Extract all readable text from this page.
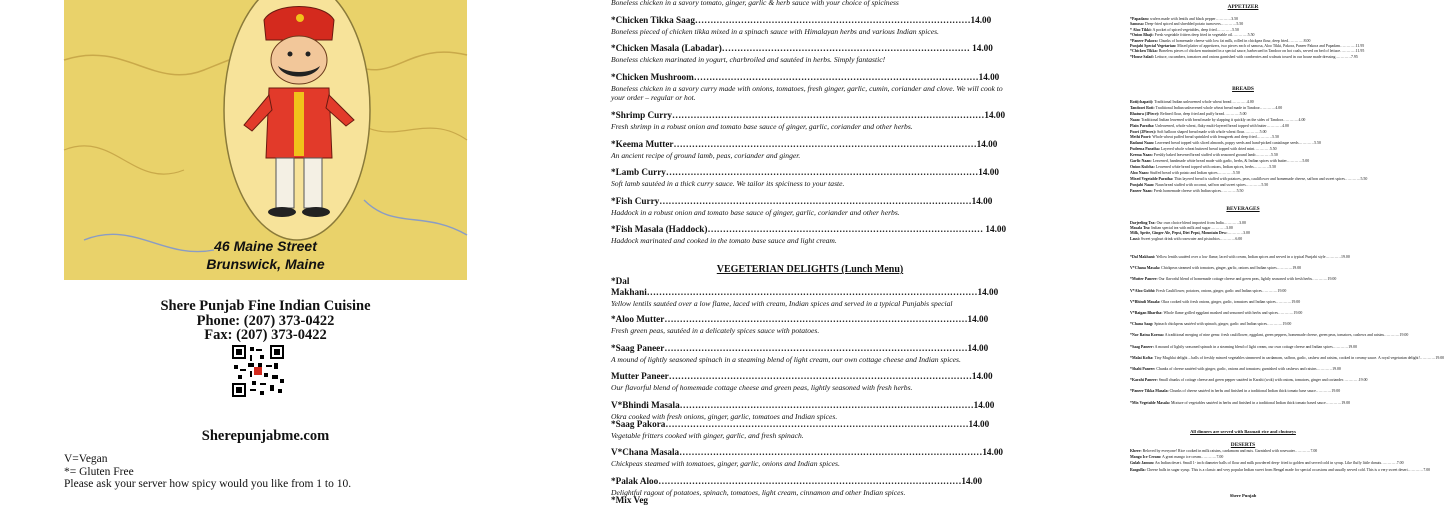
46 Maine Street
Brunswick, Maine
Shere Punjab Fine Indian Cuisine
Phone: (207) 373-0422
Fax: (207) 373-0422
Sherepunjabme.com
V=Vegan
*= Gluten Free
Please ask your server how spicy would you like from 1 to 10.
Boneless chicken in a savory tomato, ginger, garlic & herb sauce with your choice of spiciness
*Chicken Tikka Saag………………………………………………………………………………14.00
Boneless pieced of chicken tikka mixed in a spinach sauce with Himalayan herbs and various Indian spices.
*Chicken Masala (Labadar)……………………………………………………………………… 14.00
Boneless chicken marinated in yogurt, charbroiled and sautéed in herbs. Simply fantastic!
*Chicken Mushroom…………………………………………………………………………………14.00
Boneless chicken in a savory curry made with onions, tomatoes, fresh ginger, garlic, cumin, coriander and clove. We will cook to your order – regular or hot.
*Shrimp Curry…………………………………………………………………………………………14.00
Fresh shrimp in a robust onion and tomato base sauce of ginger, garlic, coriander and other herbs.
*Keema Mutter………………………………………………………………………………………14.00
An ancient recipe of ground lamb, peas, coriander and ginger.
*Lamb Curry…………………………………………………………………………………………14.00
Soft lamb sautéed in a thick curry sauce. We tailor its spiciness to your taste.
*Fish Curry…………………………………………………………………………………………14.00
Haddock in a robust onion and tomato base sauce of ginger, garlic, coriander and other herbs.
*Fish Masala (Haddock)……………………………………………………………………………… 14.00
Haddock marinated and cooked in the tomato base sauce and light cream.
VEGETERIAN DELIGHTS (Lunch Menu)
*Dal
Makhani………………………………………………………………………………………………14.00
Yellow lentils sautéed over a low flame, laced with cream, Indian spices and served in a typical Punjabis special
*Aloo Mutter………………………………………………………………………………………14.00
Fresh green peas, sautéed in a delicately spices sauce with potatoes.
*Saag Paneer………………………………………………………………………………………14.00
A mound of lightly seasoned spinach in a steaming blend of light cream, our own cottage cheese and Indian spices.
Mutter Paneer………………………………………………………………………………………14.00
Our flavorful blend of homemade cottage cheese and green peas, lightly seasoned with fresh herbs.
V*Bhindi Masala……………………………………………………………………………………14.00
Okra cooked with fresh onions, ginger, garlic, tomatoes and Indian spices.
*Saag Pakora………………………………………………………………………………………14.00
Vegetable fritters cooked with ginger, garlic, and fresh spinach.
V*Chana Masala………………………………………………………………………………………14.00
Chickpeas steamed with tomatoes, ginger, garlic, onions and Indian spices.
*Palak Aloo………………………………………………………………………………………14.00
Delightful ragout of potatoes, spinach, tomatoes, light cream, cinnamon and other Indian spices.
*Mix Veg
APPETIZER
*Papadam: wafers made with lentils and black pepper…………3.50
Samosa: Deep-fried spiced and shredded potato turnovers…………5.50
* Aloo Tikki: A pocket of spiced vegetables, deep fried…………5.50
*Onion Bhaji: Fresh vegetable fritters deep fried in vegetable oil…………5.50
*Paneer Pakora: Chunks of homemade cheese with low fat milk, rolled in chickpea flour, deep fried…………8.00
Punjabi Special Vegetarian: Mixed platter of appetizers, two pieces each of samosa, Aloo Tikki, Pakora, Paneer Pakora and Papadam…………11.95
*Chicken Tikka: Boneless pieces of chicken marinated in a special sauce, barbecued in Tandoor on hot coals, served on bed of lettuce…………11.95
*House Salad: Lettuce, cucumbers, tomatoes and onions garnished with cranberries and walnuts tossed in our house made dressing…………7.95
BREADS
Roti(chapati): Traditional Indian unleavened whole wheat bread…………4.00
Tandoori Roti: Traditional Indian unleavened whole wheat bread made in Tandoor…………4.00
Bhatura (1Piece): Refined flour, deep fried and puffy bread…………5.00
Naan: Traditional Indian leavened with bread made by slapping it quickly on the sides of Tandoor…………4.00
Plain Paratha: Unleavened, whole wheat, flaky multi-layered bread topped with butter…………4.00
Poori (2Pieces): Soft balloon shaped bread made with whole wheat flour…………5.00
Methi Poori: Whole wheat puffed bread sprinkled with fenugreek and deep fried…………5.50
Badami Naan: Leavened bread topped with sliced almonds, poppy seeds and hand-picked cantaloupe seeds…………5.50
Pudeena Paratha: Layered whole wheat buttered bread topped with dried mint…………5.50
Keema Naan: Freshly baked leavened bread stuffed with seasoned ground lamb…………5.50
Garlic Naan: Leavened, handmade white bread made with garlic, herbs, & Indian spices with butter…………5.00
Onion Kulcha: Leavened white bread topped with onions, Indian spices, herbs…………5.50
Aloo Naan: Stuffed bread with potato and Indian spices…………5.50
Mixed Vegetable Paratha: Thin layered bread is stuffed with potatoes, peas, cauliflower and homemade cheese, saffron and sweet spices…………5.50
Punjabi Naan: Naan bread stuffed with coconut, saffron and sweet spices…………5.50
Paneer Naan: Fresh homemade cheese with Indian spices…………5.50
BEVERAGES
Darjeeling Tea: Our own choice blend imported from India…………3.00
Masala Tea: Indian special tea with milk and sugar…………3.00
Milk, Sprite, Ginger Ale, Pepsi, Diet Pepsi, Mountain Dew:…………3.00
Lassi: Sweet yoghurt drink with rosewater and pistachios…………6.00
*Dal Makhani: Yellow lentils sautéed over a low flame, laced with cream, Indian spices and served in a typical Punjabi style…………19.00
V*Chana Masala: Chickpeas steamed with tomatoes, ginger, garlic, onions and Indian spices…………19.00
*Mutter Paneer: Our flavorful blend of homemade cottage cheese and green peas, lightly seasoned with fresh herbs…………19.00
V*Aloo Gobhi: Fresh Cauliflower, potatoes, onions, ginger, garlic and Indian spices…………19.00
V*Bhindi Masala: Okra cooked with fresh onions, ginger, garlic, tomatoes and Indian spices…………19.00
V*Baigan Bhartha: Whole flame grilled eggplant mashed and seasoned with herbs and spices…………19.00
*Chana Saag: Spinach chickpeas sautéed with spinach, ginger, garlic and Indian spices…………19.00
*Nav Ratna Korma: A traditional merging of nine gems: fresh cauliflower, eggplant, green peppers, homemade cheese, green peas, tomatoes, cashews and raisins…………19.00
*Saag Paneer: A mound of lightly seasoned spinach in a steaming blend of light cream, our own cottage cheese and Indian spices…………19.00
*Malai Kofta: Tiny Mughlai delight – balls of freshly minced vegetables simmered in cardamom, saffron, garlic, cashew and raisins, cooked in creamy sauce. A royal vegetarian delight!…………19.00
*Shahi Paneer: Chunks of cheese sautéed with ginger, garlic, onions and tomatoes; garnished with cashews and raisins…………19.00
*Karahi Paneer: Small chunks of cottage cheese and green pepper sautéed in Karahi (wok) with onions, tomatoes, ginger and coriander…………19.00
*Paneer Tikka Masala: Chunks of cheese sautéed in herbs and finished in a traditional Indian thick tomato base sauce…………19.00
*Mix Vegetable Masala: Mixture of vegetables sautéed in herbs and finished in a traditional Indian thick tomato based sauce…………19.00
All dinners are served with Basmati rice and chutneys
DESERTS
Kheer: Beloved by everyone! Rice cooked in milk raisins, cardamom and nuts. Garnished with rosewater…………7.00
Mango Ice Cream: A great mango ice cream…………7.00
Gulab Jamun: An Indian desert. Small 1- inch diameter balls of flour and milk powdered deep- fried to golden and served cold in syrup. Like fluffy little donuts…………7.00
Rasgulla: Cheese balls in sugar syrup. This is a classic and very popular Indian sweet from Bengal made for special occasions and usually served cold. This is a very sweet desert…………7.00
Shere Punjab
